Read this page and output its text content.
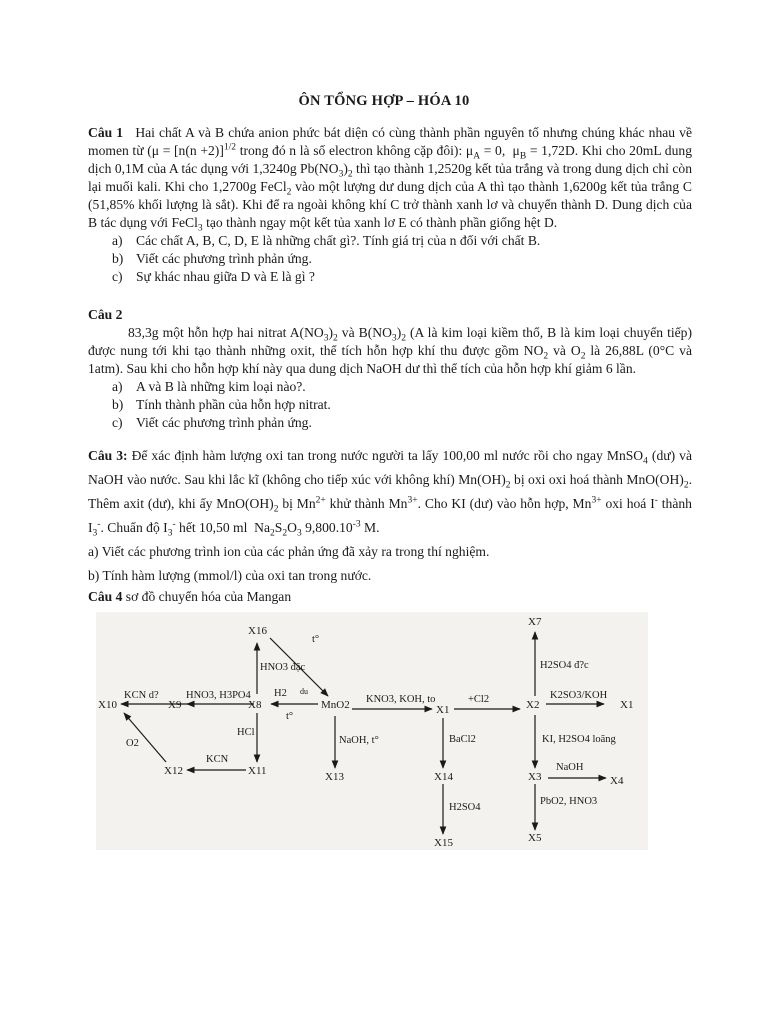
ÔN TỔNG HỢP – HÓA 10
Câu 1 Hai chất A và B chứa anion phức bát diện có cùng thành phần nguyên tố nhưng chúng khác nhau về momen từ ($\mu = [n(n +2)]^{1/2}$ trong đó n là số electron không cặp đôi): $\mu_A = 0$,  $\mu_B = 1,72D$. Khi cho 20mL dung dịch 0,1M của A tác dụng với 1,3240g $Pb(NO_3)_2$ thì tạo thành 1,2520g kết tủa trắng và trong dung dịch chỉ còn lại muối kali. Khi cho 1,2700g FeCl$_2$ vào một lượng dư dung dịch của A thì tạo thành 1,6200g kết tủa trắng C (51,85% khối lượng là sắt). Khi để ra ngoài không khí C trở thành xanh lơ và chuyển thành D. Dung dịch của B tác dụng với FeCl$_3$ tạo thành ngay một kết tủa xanh lơ E có thành phần giống hệt D.
a) Các chất A, B, C, D, E là những chất gì?. Tính giá trị của n đối với chất B.
b) Viết các phương trình phản ứng.
c) Sự khác nhau giữa D và E là gì ?
Câu 2
83,3g một hỗn hợp hai nitrat $A(NO_3)_2$ và $B(NO_3)_2$ (A là kim loại kiềm thổ, B là kim loại chuyển tiếp) được nung tới khi tạo thành những oxit, thể tích hỗn hợp khí thu được gồm $NO_2$ và $O_2$ là 26,88L (0°C và 1atm). Sau khi cho hỗn hợp khí này qua dung dịch NaOH dư thì thể tích của hỗn hợp khí giảm 6 lần.
a) A và B là những kim loại nào?.
b) Tính thành phần của hỗn hợp nitrat.
c) Viết các phương trình phản ứng.
Câu 3: Để xác định hàm lượng oxi tan trong nước người ta lấy 100,00 ml nước rồi cho ngay MnSO$_4$ (dư) và NaOH vào nước. Sau khi lắc kĩ (không cho tiếp xúc với không khí) $Mn(OH)_2$ bị oxi oxi hoá thành $MnO(OH)_2$. Thêm axit (dư), khi ấy $MnO(OH)_2$ bị $Mn^{2+}$ khử thành $Mn^{3+}$. Cho KI (dư) vào hỗn hợp, $Mn^{3+}$ oxi hoá I- thành $I_3^-$. Chuẩn độ $I_3^-$ hết 10,50 ml  $Na_2S_2O_3$ $9,800.10^{-3}$ M.
a) Viết các phương trình ion của các phản ứng đã xảy ra trong thí nghiệm.
b) Tính hàm lượng (mmol/l) của oxi tan trong nước.
Câu 4 sơ đồ chuyển hóa của Mangan
X16
X10	X9	X8	MnO2	X1	X2
X7
X12	X11	X13	X14
X15
X3
X5
X4
X1
HNO3 đặc
t°
KCN d?	HNO3, H3PO4 H2 du
t°
KNO3, KOH, to	+Cl2	K2SO3/KOH
H2SO4 đ?c
HCl
O2
KCN
NaOH, t°	BaCl2
H2SO4
KI, H2SO4 loãng
NaOH
PbO2, HNO3
